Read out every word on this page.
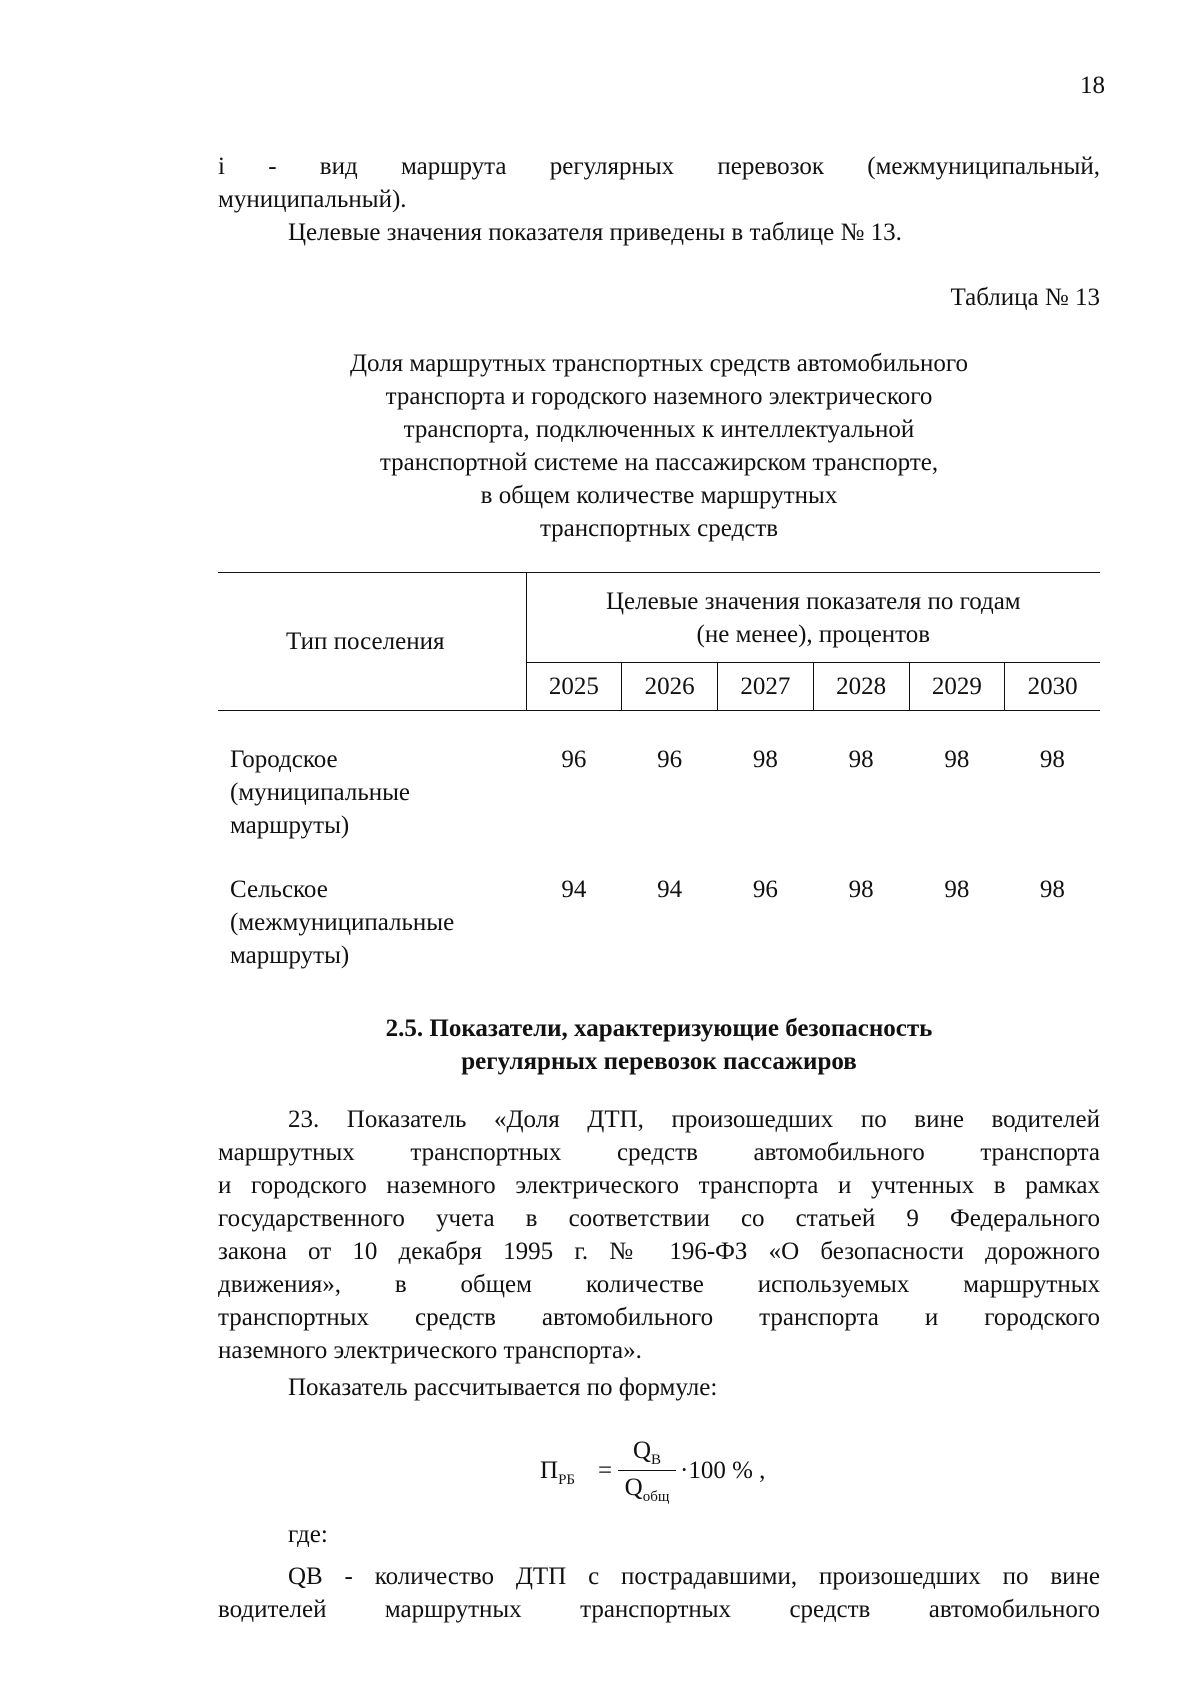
18
i - вид маршрута регулярных перевозок (межмуниципальный,
муниципальный).
Целевые значения показателя приведены в таблице № 13.
Таблица № 13
Доля маршрутных транспортных средств автомобильного
транспорта и городского наземного электрического
транспорта, подключенных к интеллектуальной
транспортной системе на пассажирском транспорте,
в общем количестве маршрутных
транспортных средств
Тип поселения	Целевые значения показателя по годам
(не менее), процентов					

	2025	2026	2027	2028	2029	2030

Городское
(муниципальные
маршруты)	96	96	98	98	98	98

Сельское
(межмуниципальные
маршруты)	94	94	96	98	98	98
2.5. Показатели, характеризующие безопасность
регулярных перевозок пассажиров
23. Показатель «Доля ДТП, произошедших по вине водителей
маршрутных транспортных средств автомобильного транспорта
и городского наземного электрического транспорта и учтенных в рамках
государственного учета в соответствии со статьей 9 Федерального
закона от 10 декабря 1995 г. № 196-ФЗ «О безопасности дорожного
движения», в общем количестве используемых маршрутных
транспортных средств автомобильного транспорта и городского
наземного электрического транспорта».
Показатель рассчитывается по формуле:
$П_{РБ}$ =
$Q_В$
$Q_{общ}$
·100 % ,
где:
QВ - количество ДТП с пострадавшими, произошедших по вине
водителей маршрутных транспортных средств автомобильного
